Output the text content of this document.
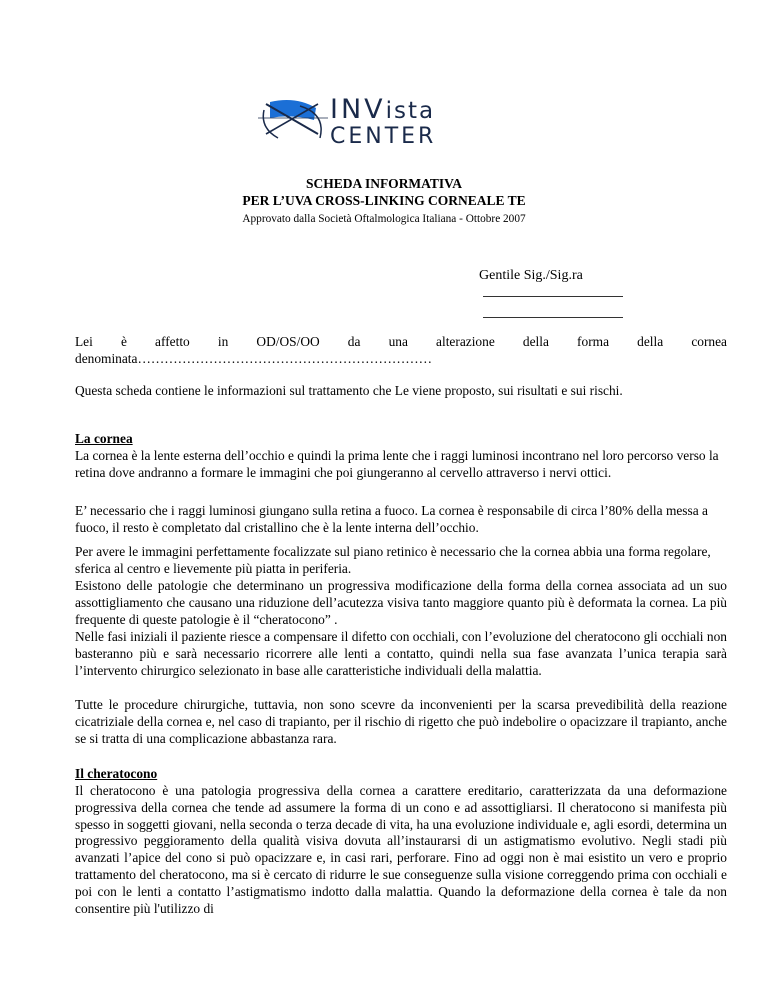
INVista
CENTER
SCHEDA INFORMATIVA
PER L’UVA CROSS-LINKING CORNEALE TE
Approvato dalla Società Oftalmologica Italiana - Ottobre 2007
Gentile Sig./Sig.ra
Lei è affetto in OD/OS/OO da una alterazione della forma della cornea
denominata…………………………………………………………
Questa scheda contiene le informazioni sul trattamento che Le viene proposto, sui risultati e sui rischi.
La cornea
La cornea è la lente esterna dell’occhio e quindi la prima lente che i raggi luminosi incontrano nel loro percorso verso la retina dove andranno a formare le immagini che poi giungeranno al cervello attraverso i nervi ottici.
E’ necessario che i raggi luminosi giungano sulla retina a fuoco. La cornea è responsabile di circa l’80% della messa a fuoco, il resto è completato dal cristallino che è la lente interna dell’occhio.
Per avere le immagini perfettamente focalizzate sul piano retinico è necessario che la cornea abbia una forma regolare, sferica al centro e lievemente più piatta in periferia.
Esistono delle patologie che determinano un progressiva modificazione della forma della cornea associata ad un suo assottigliamento che causano una riduzione dell’acutezza visiva tanto maggiore quanto più è deformata la cornea. La più frequente di queste patologie è il “cheratocono” .
Nelle fasi iniziali il paziente riesce a compensare il difetto con occhiali, con l’evoluzione del cheratocono gli occhiali non basteranno più e sarà necessario ricorrere alle lenti a contatto, quindi nella sua fase avanzata l’unica terapia sarà l’intervento chirurgico selezionato in base alle caratteristiche individuali della malattia.
Tutte le procedure chirurgiche, tuttavia, non sono scevre da inconvenienti per la scarsa prevedibilità della reazione cicatriziale della cornea e, nel caso di trapianto, per il rischio di rigetto che può indebolire o opacizzare il trapianto, anche se si tratta di una complicazione abbastanza rara.
Il cheratocono
Il cheratocono è una patologia progressiva della cornea a carattere ereditario, caratterizzata da una deformazione progressiva della cornea che tende ad assumere la forma di un cono e ad assottigliarsi. Il cheratocono si manifesta più spesso in soggetti giovani, nella seconda o terza decade di vita, ha una evoluzione individuale e, agli esordi, determina un progressivo peggioramento della qualità visiva dovuta all’instaurarsi di un astigmatismo evolutivo. Negli stadi più avanzati l’apice del cono si può opacizzare e, in casi rari, perforare. Fino ad oggi non è mai esistito un vero e proprio trattamento del cheratocono, ma si è cercato di ridurre le sue conseguenze sulla visione correggendo prima con occhiali e poi con le lenti a contatto l’astigmatismo indotto dalla malattia. Quando la deformazione della cornea è tale da non consentire più l'utilizzo di
